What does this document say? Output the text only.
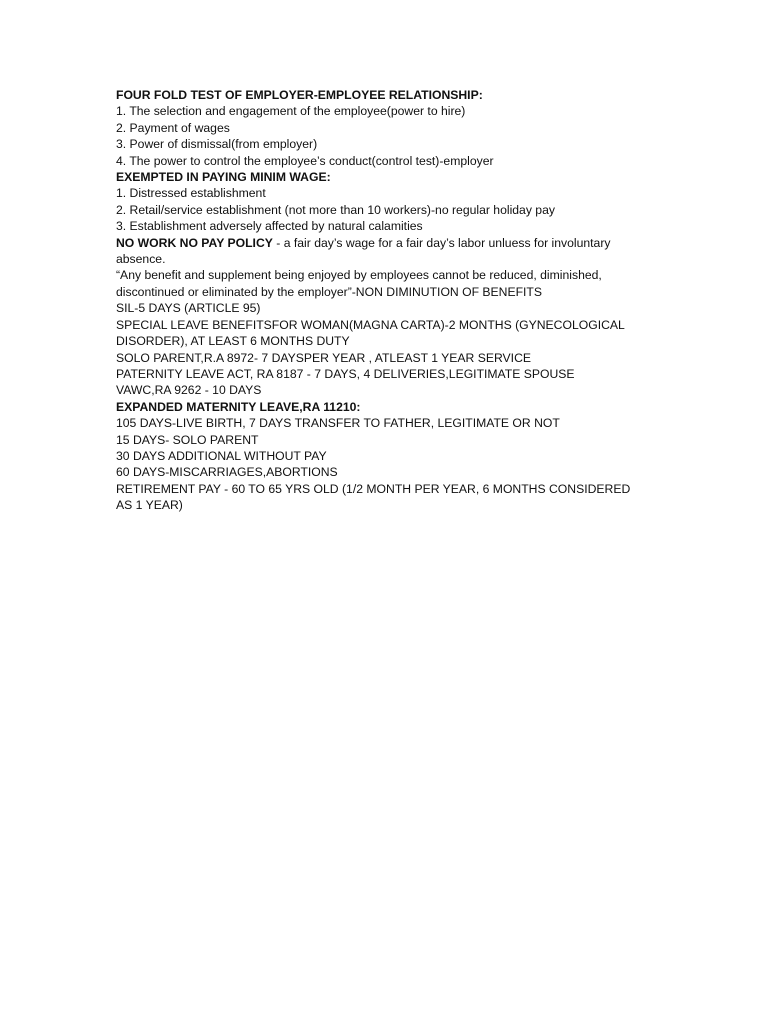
FOUR FOLD TEST OF EMPLOYER-EMPLOYEE RELATIONSHIP:

1. The selection and engagement of the employee(power to hire)

2. Payment of wages

3. Power of dismissal(from employer)

4. The power to control the employee’s conduct(control test)-employer

EXEMPTED IN PAYING MINIM WAGE:

1. Distressed establishment

2. Retail/service establishment (not more than 10 workers)-no regular holiday pay

3. Establishment adversely affected by natural calamities

NO WORK NO PAY POLICY - a fair day’s wage for a fair day’s labor unluess for involuntary absence.

“Any benefit and supplement being enjoyed by employees cannot be reduced, diminished, discontinued or eliminated by the employer”-NON DIMINUTION OF BENEFITS

SIL-5 DAYS (ARTICLE 95)

SPECIAL LEAVE BENEFITSFOR WOMAN(MAGNA CARTA)-2 MONTHS (GYNECOLOGICAL DISORDER), AT LEAST 6 MONTHS DUTY

SOLO PARENT,R.A 8972- 7 DAYSPER YEAR , ATLEAST 1 YEAR SERVICE

PATERNITY LEAVE ACT, RA 8187 - 7 DAYS, 4 DELIVERIES,LEGITIMATE SPOUSE

VAWC,RA 9262 - 10 DAYS

EXPANDED MATERNITY LEAVE,RA 11210:

105 DAYS-LIVE BIRTH, 7 DAYS TRANSFER TO FATHER, LEGITIMATE OR NOT

15 DAYS- SOLO PARENT

30 DAYS ADDITIONAL WITHOUT PAY

60 DAYS-MISCARRIAGES,ABORTIONS

RETIREMENT PAY - 60 TO 65 YRS OLD (1/2 MONTH PER YEAR, 6 MONTHS CONSIDERED AS 1 YEAR)
